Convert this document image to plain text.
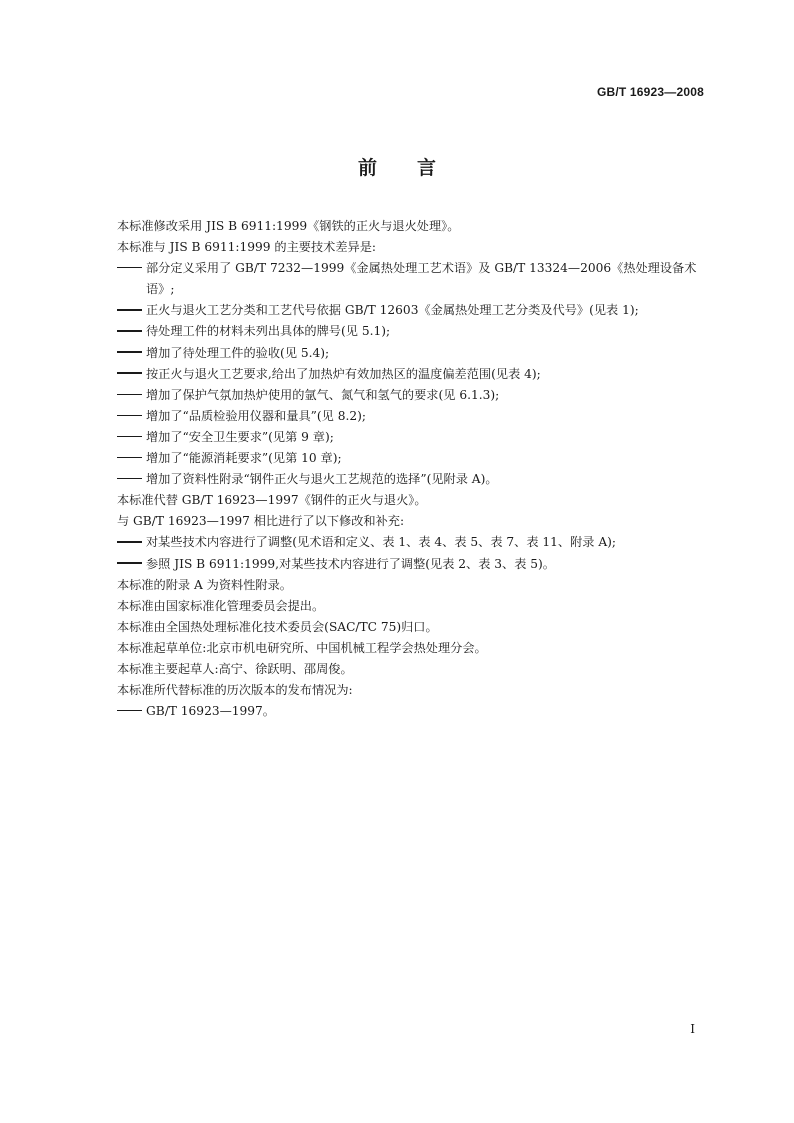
GB/T 16923—2008
前言
本标准修改采用 JIS B 6911:1999《钢铁的正火与退火处理》。
本标准与 JIS B 6911:1999 的主要技术差异是:
部分定义采用了 GB/T 7232—1999《金属热处理工艺术语》及 GB/T 13324—2006《热处理设备术语》;
正火与退火工艺分类和工艺代号依据 GB/T 12603《金属热处理工艺分类及代号》(见表 1);
待处理工件的材料未列出具体的牌号(见 5.1);
增加了待处理工件的验收(见 5.4);
按正火与退火工艺要求,给出了加热炉有效加热区的温度偏差范围(见表 4);
增加了保护气氛加热炉使用的氩气、氮气和氢气的要求(见 6.1.3);
增加了“品质检验用仪器和量具”(见 8.2);
增加了“安全卫生要求”(见第 9 章);
增加了“能源消耗要求”(见第 10 章);
增加了资料性附录“钢件正火与退火工艺规范的选择”(见附录 A)。
本标准代替 GB/T 16923—1997《钢件的正火与退火》。
与 GB/T 16923—1997 相比进行了以下修改和补充:
对某些技术内容进行了调整(见术语和定义、表 1、表 4、表 5、表 7、表 11、附录 A);
参照 JIS B 6911:1999,对某些技术内容进行了调整(见表 2、表 3、表 5)。
本标准的附录 A 为资料性附录。
本标准由国家标准化管理委员会提出。
本标准由全国热处理标准化技术委员会(SAC/TC 75)归口。
本标准起草单位:北京市机电研究所、中国机械工程学会热处理分会。
本标准主要起草人:高宁、徐跃明、邵周俊。
本标准所代替标准的历次版本的发布情况为:
GB/T 16923—1997。
I
